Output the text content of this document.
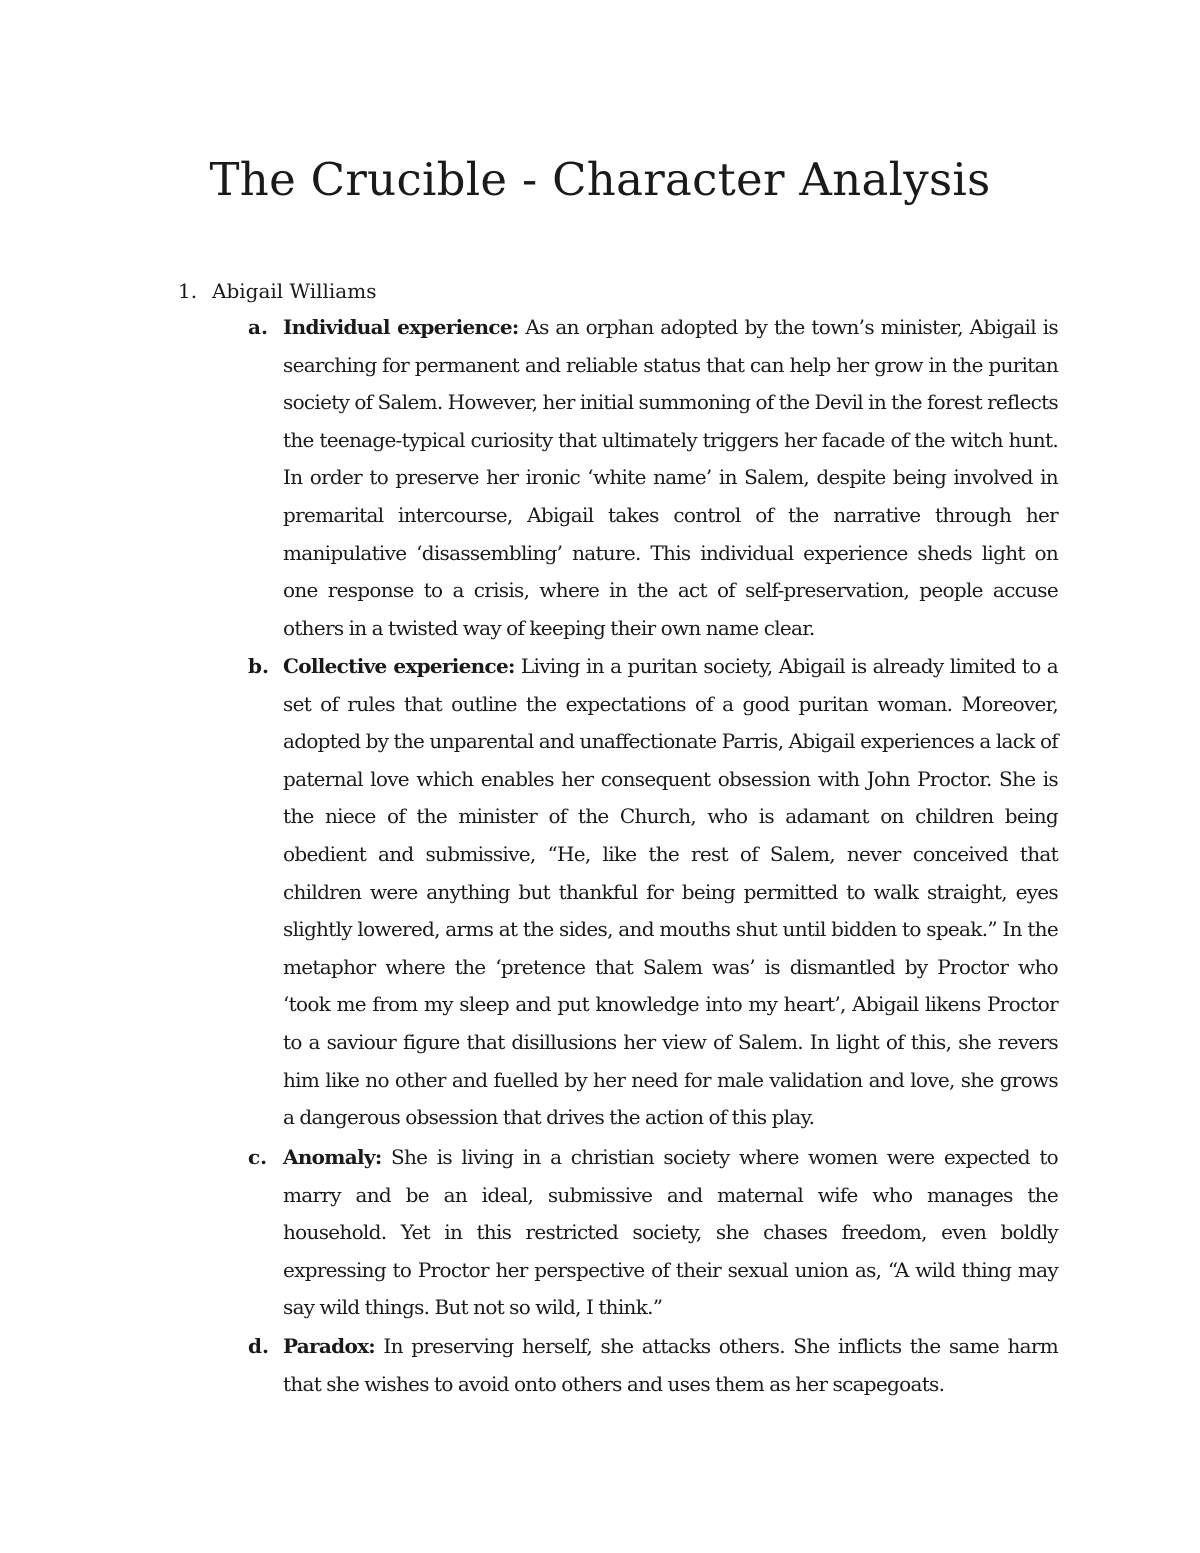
The Crucible - Character Analysis
1. Abigail Williams
a. Individual experience: As an orphan adopted by the town’s minister, Abigail is searching for permanent and reliable status that can help her grow in the puritan society of Salem. However, her initial summoning of the Devil in the forest reflects the teenage-typical curiosity that ultimately triggers her facade of the witch hunt. In order to preserve her ironic ‘white name’ in Salem, despite being involved in premarital intercourse, Abigail takes control of the narrative through her manipulative ‘disassembling’ nature. This individual experience sheds light on one response to a crisis, where in the act of self-preservation, people accuse others in a twisted way of keeping their own name clear.
b. Collective experience: Living in a puritan society, Abigail is already limited to a set of rules that outline the expectations of a good puritan woman. Moreover, adopted by the unparental and unaffectionate Parris, Abigail experiences a lack of paternal love which enables her consequent obsession with John Proctor. She is the niece of the minister of the Church, who is adamant on children being obedient and submissive, “He, like the rest of Salem, never conceived that children were anything but thankful for being permitted to walk straight, eyes slightly lowered, arms at the sides, and mouths shut until bidden to speak.” In the metaphor where the ‘pretence that Salem was’ is dismantled by Proctor who ‘took me from my sleep and put knowledge into my heart’, Abigail likens Proctor to a saviour figure that disillusions her view of Salem. In light of this, she revers him like no other and fuelled by her need for male validation and love, she grows a dangerous obsession that drives the action of this play.
c. Anomaly: She is living in a christian society where women were expected to marry and be an ideal, submissive and maternal wife who manages the household. Yet in this restricted society, she chases freedom, even boldly expressing to Proctor her perspective of their sexual union as, “A wild thing may say wild things. But not so wild, I think.”
d. Paradox: In preserving herself, she attacks others. She inflicts the same harm that she wishes to avoid onto others and uses them as her scapegoats.
